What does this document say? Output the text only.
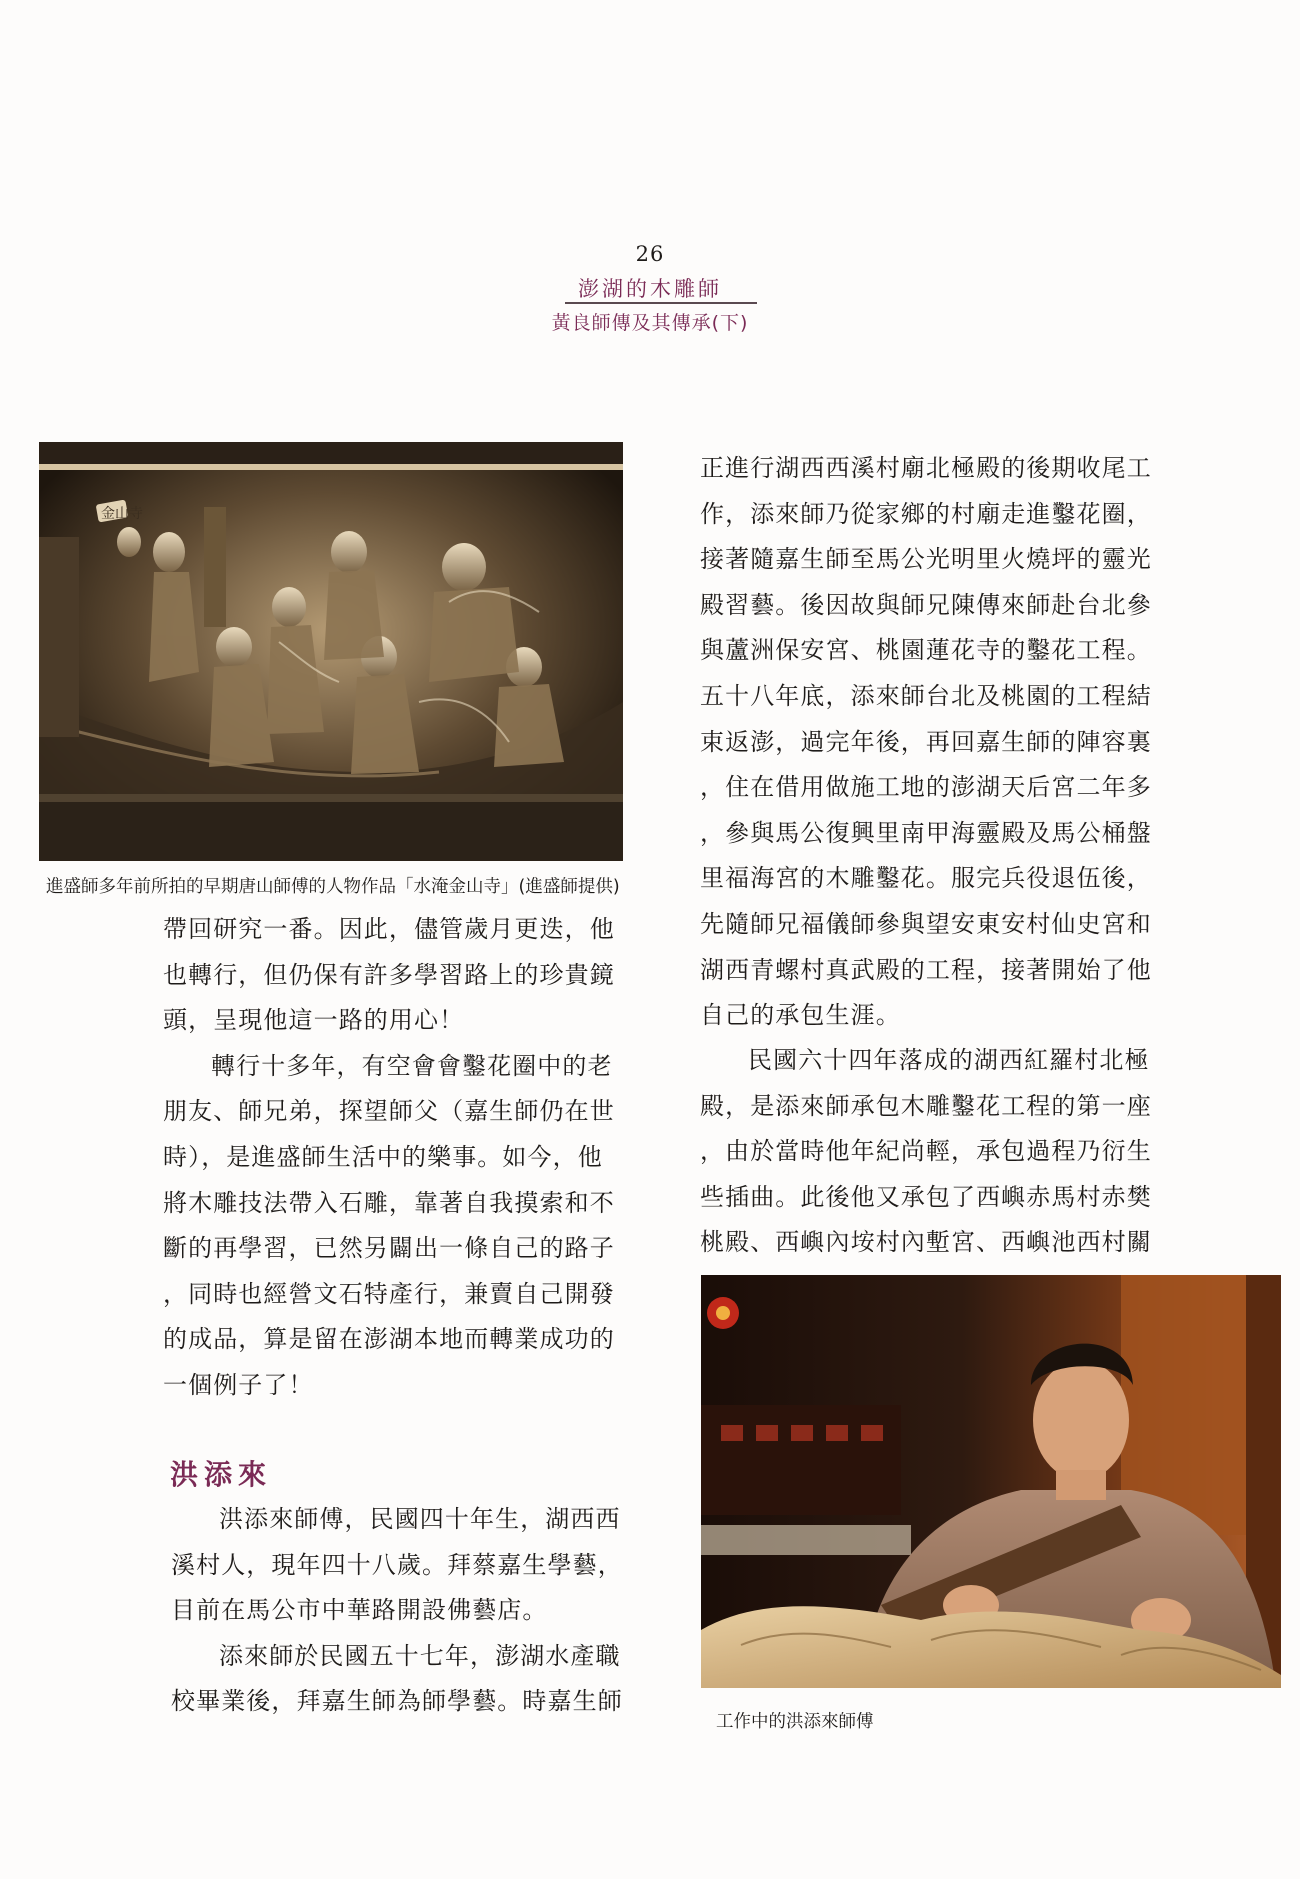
26
澎湖的木雕師
黃良師傳及其傳承(下)
金山寺
進盛師多年前所拍的早期唐山師傅的人物作品「水淹金山寺」(進盛師提供)

帶回研究一番。因此，儘管歲月更迭，他
也轉行，但仍保有許多學習路上的珍貴鏡
頭，呈現他這一路的用心！

轉行十多年，有空會會鑿花圈中的老
朋友、師兄弟，探望師父（嘉生師仍在世
時），是進盛師生活中的樂事。如今，他
將木雕技法帶入石雕，靠著自我摸索和不
斷的再學習，已然另闢出一條自己的路子
，同時也經營文石特產行，兼賣自己開發
的成品，算是留在澎湖本地而轉業成功的
一個例子了！

洪添來

洪添來師傅，民國四十年生，湖西西
溪村人，現年四十八歲。拜蔡嘉生學藝，
目前在馬公市中華路開設佛藝店。

添來師於民國五十七年，澎湖水產職
校畢業後，拜嘉生師為師學藝。時嘉生師

正進行湖西西溪村廟北極殿的後期收尾工
作，添來師乃從家鄉的村廟走進鑿花圈，
接著隨嘉生師至馬公光明里火燒坪的靈光
殿習藝。後因故與師兄陳傳來師赴台北參
與蘆洲保安宮、桃園蓮花寺的鑿花工程。
五十八年底，添來師台北及桃園的工程結
束返澎，過完年後，再回嘉生師的陣容裏
，住在借用做施工地的澎湖天后宮二年多
，參與馬公復興里南甲海靈殿及馬公桶盤
里福海宮的木雕鑿花。服完兵役退伍後，
先隨師兄福儀師參與望安東安村仙史宮和
湖西青螺村真武殿的工程，接著開始了他
自己的承包生涯。

民國六十四年落成的湖西紅羅村北極
殿，是添來師承包木雕鑿花工程的第一座
，由於當時他年紀尚輕，承包過程乃衍生
些插曲。此後他又承包了西嶼赤馬村赤樊
桃殿、西嶼內垵村內塹宮、西嶼池西村關

工作中的洪添來師傅
